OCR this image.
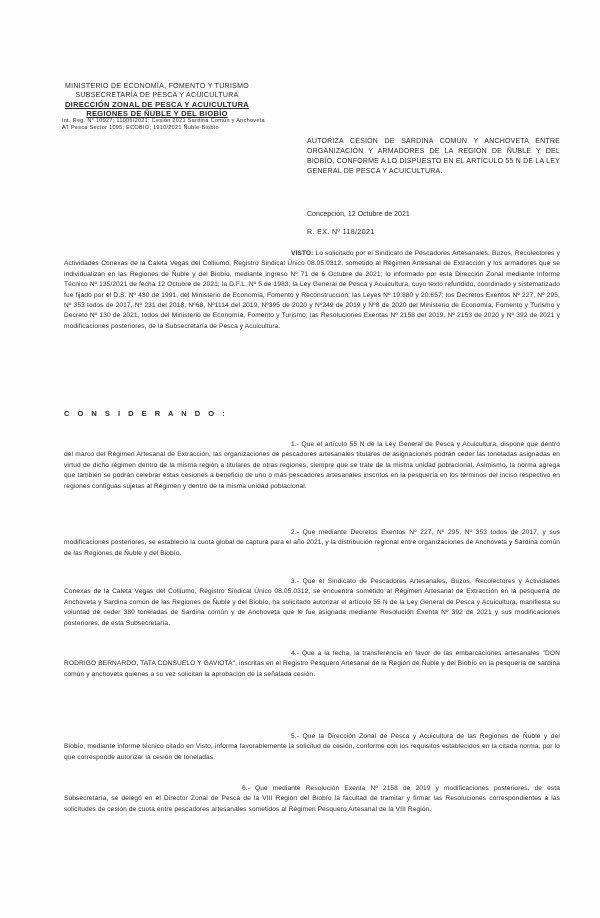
MINISTERIO DE ECONOMÍA, FOMENTO Y TURISMO
SUBSECRETARÍA DE PESCA Y ACUICULTURA
DIRECCIÓN ZONAL DE PESCA Y ACUICULTURA
REGIONES DE ÑUBLE Y DEL BIOBÍO
Int. Reg. N° 10927; 11005/2021; Cesión 2021 Sardina Común y Anchoveta
AT Pesca Sector 1095: ECOBIO; 1910/2021 Ñuble-Biobío
AUTORIZA CESIÓN DE SARDINA COMÚN Y ANCHOVETA ENTRE ORGANIZACIÓN Y ARMADORES DE LA REGIÓN DE ÑUBLE Y DEL BIOBÍO, CONFORME A LO DISPUESTO EN EL ARTÍCULO 55 N DE LA LEY GENERAL DE PESCA Y ACUICULTURA.
Concepción, 12 Octubre de 2021
R. EX. Nº 118/2021
VISTO: Lo solicitado por el Sindicato de Pescadores Artesanales, Buzos, Recolectores y Actividades Conexas de la Caleta Vegas del Colliumo, Registro Sindical Único 08.05.0312, sometido al Régimen Artesanal de Extracción y los armadores que se individualizan en las Regiones de Ñuble y del Biobío, mediante ingreso Nº 71 de 6 Octubre de 2021; lo informado por esta Dirección Zonal mediante Informe Técnico Nº 135/2021 de fecha 12 Octubre de 2021; la D.F.L. Nº 5 de 1983; la Ley General de Pesca y Acuicultura, cuyo texto refundido, coordinado y sistematizado fue fijado por el D.S. Nº 430 de 1991, del Ministerio de Economía, Fomento y Reconstrucción; las Leyes Nº 19.880 y 20.657; los Decretos Exentos Nº 227, Nº 295, Nº 353 todos de 2017, Nº 231 del 2018, Nº68, Nº1114 del 2019, Nº395 de 2020 y Nº249 de 2019 y Nº8 de 2020 del Ministerio de Economía, Fomento y Turismo y Decreto Nº 130 de 2021, todos del Ministerio de Economía, Fomento y Turismo; las Resoluciones Exentas Nº 2158 del 2019, Nº 2153 de 2020 y Nº 392 de 2021 y modificaciones posteriores, de la Subsecretaría de Pesca y Acuicultura.
C O N S I D E R A N D O :
1.- Que el artículo 55 N de la Ley General de Pesca y Acuicultura, dispone que dentro del marco del Régimen Artesanal de Extracción, las organizaciones de pescadores artesanales titulares de asignaciones podrán ceder las toneladas asignadas en virtud de dicho régimen dentro de la misma región a titulares de otras regiones, siempre que se trate de la misma unidad poblacional. Asimismo, la norma agrega que también se podrán celebrar estas cesiones a beneficio de uno o más pescadores artesanales inscritos en la pesquería en los términos del inciso respectivo en regiones contiguas sujetas al Régimen y dentro de la misma unidad poblacional.
2.- Que mediante Decretos Exentos Nº 227, Nº 295, Nº 353 todos de 2017, y sus modificaciones posteriores, se estableció la cuota global de captura para el año 2021, y la distribución regional entre organizaciones de Anchoveta y Sardina común de las Regiones de Ñuble y del Biobío.
3.- Que el Sindicato de Pescadores Artesanales, Buzos, Recolectores y Actividades Conexas de la Caleta Vegas del Colliumo, Registro Sindical Único 08.05.0312, se encuentra sometido al Régimen Artesanal de Extracción en la pesquería de Anchoveta y Sardina común de las Regiones de Ñuble y del Biobío, ha solicitado autorizar el artículo 55 N de la Ley General de Pesca y Acuicultura, manifiesta su voluntad de ceder 380 toneladas de Sardina común y de Anchoveta que le fue asignada mediante Resolución Exenta Nº 392 de 2021 y sus modificaciones posteriores, de esta Subsecretaría.
4.- Que a la fecha, la transferencia en favor de las embarcaciones artesanales "DON RODRIGO BERNARDO, TATA CONSUELO Y GAVIOTA", inscritas en el Registro Pesquero Artesanal de la Región de Ñuble y del Biobío en la pesquería de sardina común y anchoveta quienes a su vez solicitan la aprobación de la señalada cesión.
5.- Que la Dirección Zonal de Pesca y Acuicultura de las Regiones de Ñuble y del Biobío, mediante informe técnico citado en Visto, informa favorablemente la solicitud de cesión, conforme con los requisitos establecidos en la citada norma, por lo que corresponde autorizar la cesión de toneladas.
6.- Que mediante Resolución Exenta Nº 2158 de 2019 y modificaciones posteriores, de esta Subsecretaría, se delegó en el Director Zonal de Pesca de la VIII Región del Biobío la facultad de tramitar y firmar las Resoluciones correspondientes a las solicitudes de cesión de cuota entre pescadores artesanales sometidos al Régimen Pesquero Artesanal de la VIII Región.
